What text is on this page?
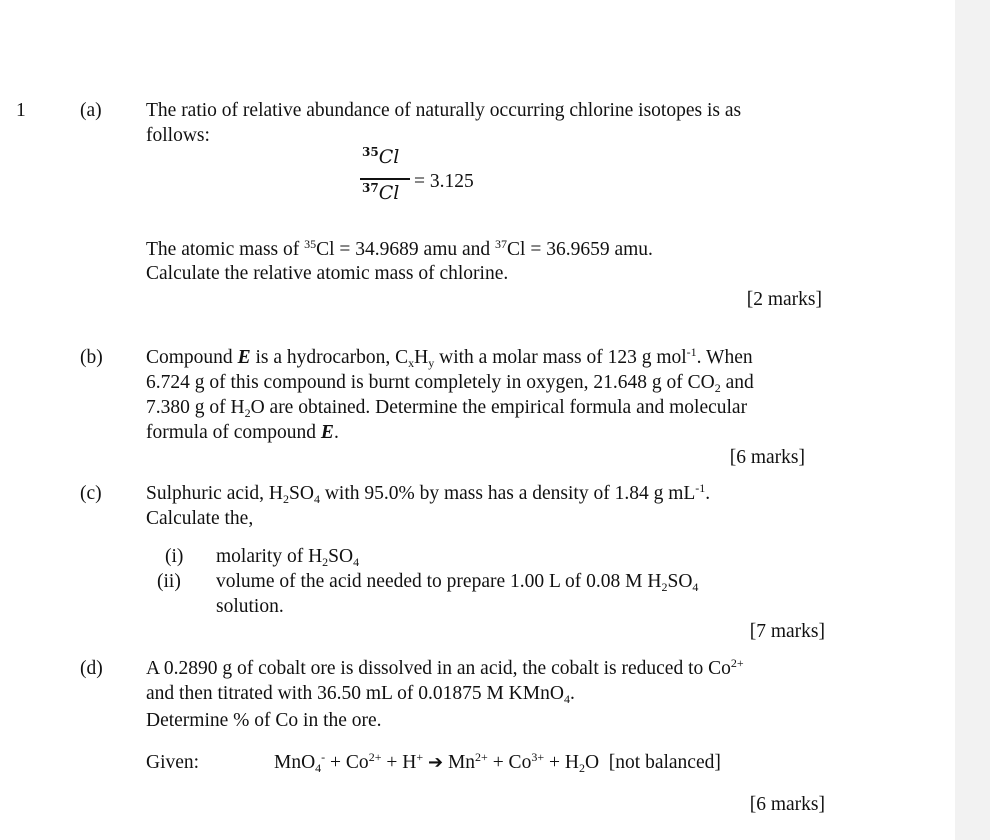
1	(a) The ratio of relative abundance of naturally occurring chlorine isotopes is as
follows:
$^{35}$Cl
$^{37}$Cl
= 3.125
The atomic mass of $^{35}$Cl = 34.9689 amu and $^{37}$Cl = 36.9659 amu.
Calculate the relative atomic mass of chlorine.
[2 marks]
(b) Compound E is a hydrocarbon, $C_xH_y$ with a molar mass of 123 g mol$^{-1}$. When
6.724 g of this compound is burnt completely in oxygen, 21.648 g of $CO_2$ and
7.380 g of $H_2O$ are obtained. Determine the empirical formula and molecular
formula of compound E.
[6 marks]
(c) Sulphuric acid, $H_2SO_4$ with 95.0% by mass has a density of 1.84 g $mL^{-1}$.
Calculate the,
(i) molarity of $H_2SO_4$
(ii) volume of the acid needed to prepare 1.00 L of 0.08 M $H_2SO_4$
solution.
[7 marks]
(d) A 0.2890 g of cobalt ore is dissolved in an acid, the cobalt is reduced to $Co^{2+}$
and then titrated with 36.50 mL of 0.01875 M KMnO$_4$.
Determine % of Co in the ore.
Given:	$MnO_4^- + Co^{2+} + H^+$ ➔ $Mn^{2+} + Co^{3+} + H_2O$  [not balanced]
[6 marks]
